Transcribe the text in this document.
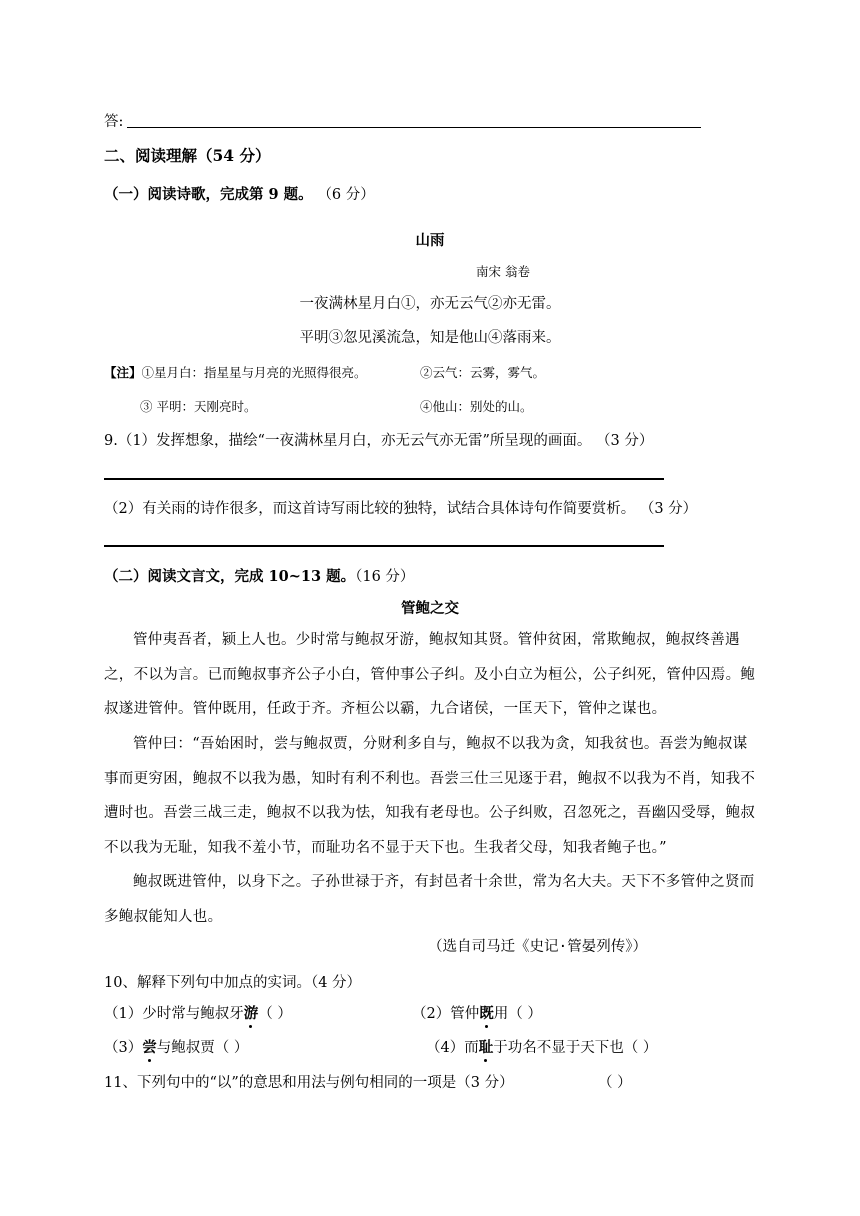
答:
二、阅读理解（54 分）
（一）阅读诗歌，完成第 9 题。 （6 分）
山雨
南宋 翁卷
一夜满林星月白①，亦无云气②亦无雷。
平明③忽见溪流急，知是他山④落雨来。
【注】①星月白：指星星与月亮的光照得很亮。	②云气：云雾，雾气。
③ 平明：天刚亮时。	④他山：别处的山。
9.（1）发挥想象，描绘“一夜满林星月白，亦无云气亦无雷”所呈现的画面。 （3 分）
（2）有关雨的诗作很多，而这首诗写雨比较的独特，试结合具体诗句作简要赏析。 （3 分）
（二）阅读文言文，完成 10~13 题。（16 分）
管鲍之交
管仲夷吾者，颍上人也。少时常与鲍叔牙游，鲍叔知其贤。管仲贫困，常欺鲍叔，鲍叔终善遇之，不以为言。已而鲍叔事齐公子小白，管仲事公子纠。及小白立为桓公，公子纠死，管仲囚焉。鲍叔遂进管仲。管仲既用，任政于齐。齐桓公以霸，九合诸侯，一匡天下，管仲之谋也。
管仲曰：“吾始困时，尝与鲍叔贾，分财利多自与，鲍叔不以我为贪，知我贫也。吾尝为鲍叔谋事而更穷困，鲍叔不以我为愚，知时有利不利也。吾尝三仕三见逐于君，鲍叔不以我为不肖，知我不遭时也。吾尝三战三走，鲍叔不以我为怯，知我有老母也。公子纠败，召忽死之，吾幽囚受辱，鲍叔不以我为无耻，知我不羞小节，而耻功名不显于天下也。生我者父母，知我者鲍子也。”
鲍叔既进管仲，以身下之。子孙世禄于齐，有封邑者十余世，常为名大夫。天下不多管仲之贤而多鲍叔能知人也。
（选自司马迁《史记·管晏列传》）
10、解释下列句中加点的实词。（4 分）
（1）少时常与鲍叔牙游（ ）	（2）管仲既用（ ）
（3）尝与鲍叔贾（ ）	（4）而耻于功名不显于天下也（ ）
11、下列句中的“以”的意思和用法与例句相同的一项是（3 分）	（ ）
